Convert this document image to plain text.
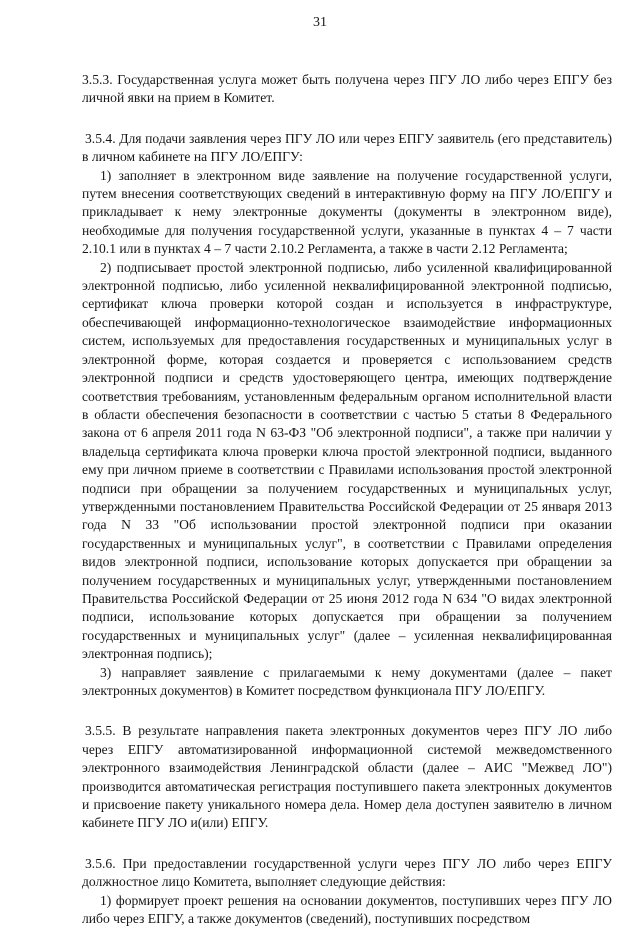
31

3.5.3. Государственная услуга может быть получена через ПГУ ЛО либо через ЕПГУ без личной явки на прием в Комитет.

3.5.4. Для подачи заявления через ПГУ ЛО или через ЕПГУ заявитель (его представитель) в личном кабинете на ПГУ ЛО/ЕПГУ:

1) заполняет в электронном виде заявление на получение государственной услуги, путем внесения соответствующих сведений в интерактивную форму на ПГУ ЛО/ЕПГУ и прикладывает к нему электронные документы (документы в электронном виде), необходимые для получения государственной услуги, указанные в пунктах 4 – 7 части 2.10.1 или в пунктах 4 – 7 части 2.10.2 Регламента, а также в части 2.12 Регламента;

2) подписывает простой электронной подписью, либо усиленной квалифицированной электронной подписью, либо усиленной неквалифицированной электронной подписью, сертификат ключа проверки которой создан и используется в инфраструктуре, обеспечивающей информационно-технологическое взаимодействие информационных систем, используемых для предоставления государственных и муниципальных услуг в электронной форме, которая создается и проверяется с использованием средств электронной подписи и средств удостоверяющего центра, имеющих подтверждение соответствия требованиям, установленным федеральным органом исполнительной власти в области обеспечения безопасности в соответствии с частью 5 статьи 8 Федерального закона от 6 апреля 2011 года N 63-ФЗ "Об электронной подписи", а также при наличии у владельца сертификата ключа проверки ключа простой электронной подписи, выданного ему при личном приеме в соответствии с Правилами использования простой электронной подписи при обращении за получением государственных и муниципальных услуг, утвержденными постановлением Правительства Российской Федерации от 25 января 2013 года N 33 "Об использовании простой электронной подписи при оказании государственных и муниципальных услуг", в соответствии с Правилами определения видов электронной подписи, использование которых допускается при обращении за получением государственных и муниципальных услуг, утвержденными постановлением Правительства Российской Федерации от 25 июня 2012 года N 634 "О видах электронной подписи, использование которых допускается при обращении за получением государственных и муниципальных услуг" (далее – усиленная неквалифицированная электронная подпись);

3) направляет заявление с прилагаемыми к нему документами (далее – пакет электронных документов) в Комитет посредством функционала ПГУ ЛО/ЕПГУ.

3.5.5. В результате направления пакета электронных документов через ПГУ ЛО либо через ЕПГУ автоматизированной информационной системой межведомственного электронного взаимодействия Ленинградской области (далее – АИС "Межвед ЛО") производится автоматическая регистрация поступившего пакета электронных документов и присвоение пакету уникального номера дела. Номер дела доступен заявителю в личном кабинете ПГУ ЛО и(или) ЕПГУ.

3.5.6. При предоставлении государственной услуги через ПГУ ЛО либо через ЕПГУ должностное лицо Комитета, выполняет следующие действия:

1) формирует проект решения на основании документов, поступивших через ПГУ ЛО либо через ЕПГУ, а также документов (сведений), поступивших посредством
